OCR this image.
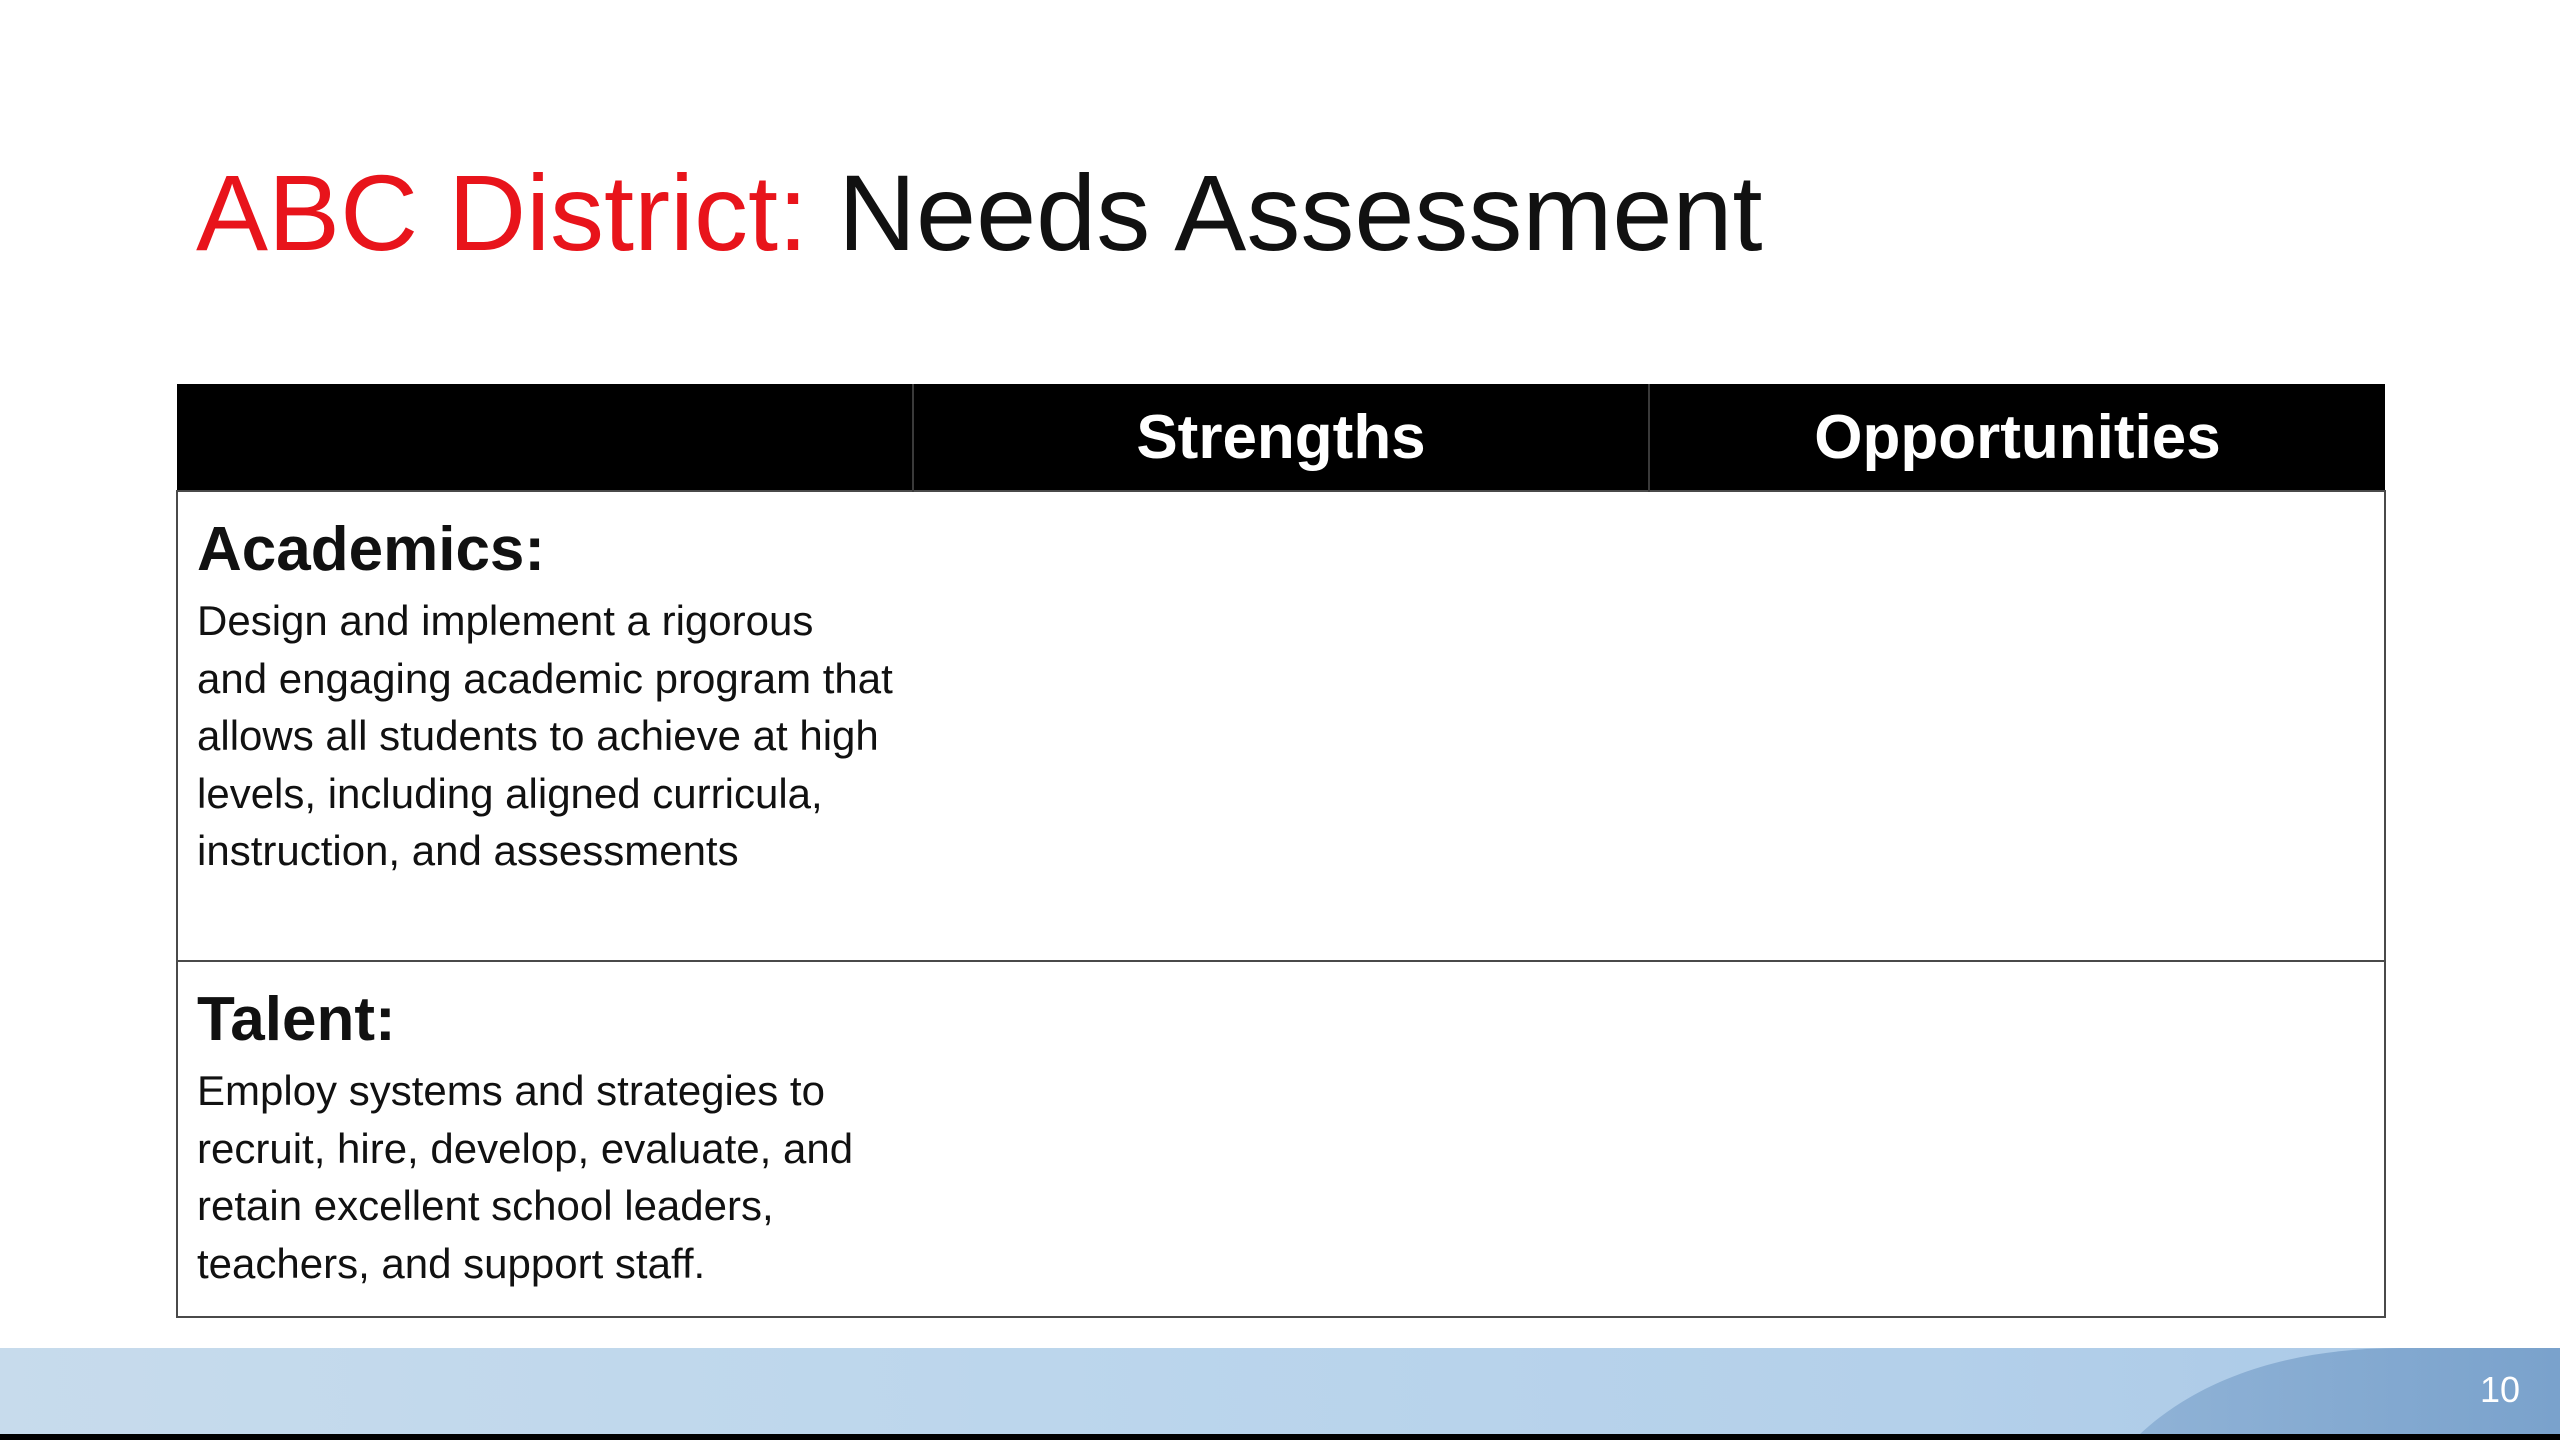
ABC District: Needs Assessment
	Strengths	Opportunities

Academics:

Design and implement a rigorous and engaging academic program that allows all students to achieve at high levels, including aligned curricula, instruction, and assessments		

Talent:

Employ systems and strategies to recruit, hire, develop, evaluate, and retain excellent school leaders, teachers, and support staff.		

10
